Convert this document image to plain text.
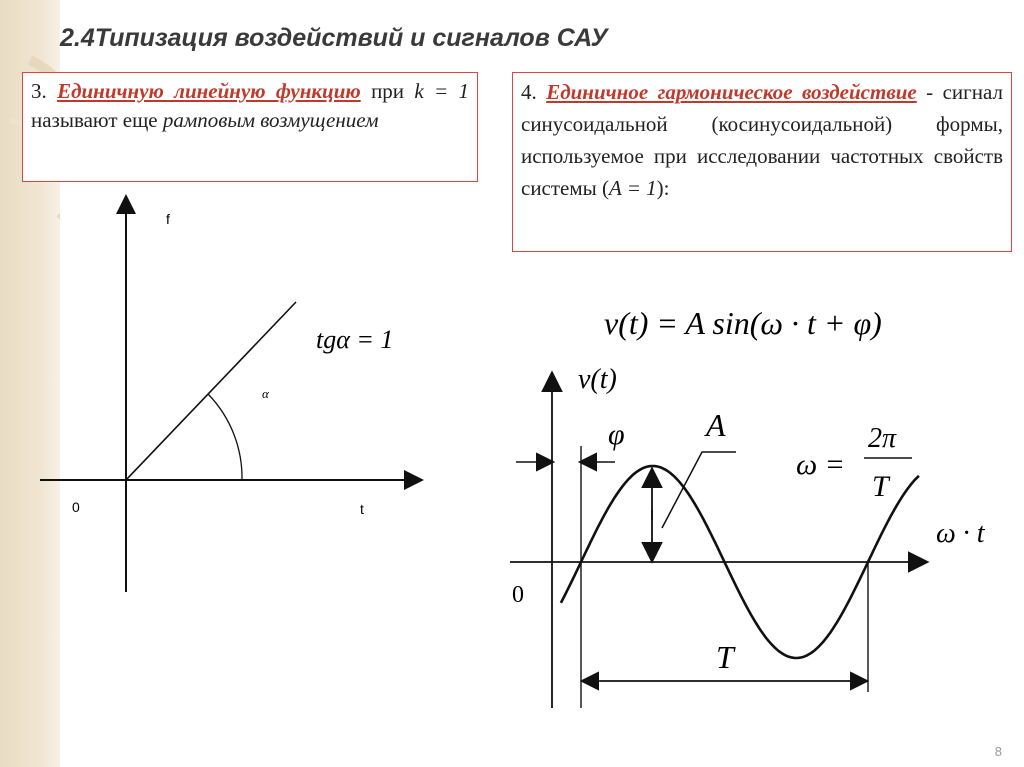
2.4Типизация воздействий и сигналов САУ
3. Единичную линейную функцию при k = 1 называют еще рамповым возмущением
4. Единичное гармоническое воздействие - сигнал синусоидальной (косинусоидальной) формы, используемое при исследовании частотных свойств системы (A = 1):
f
t
0
α
tgα = 1	v(t) = A sin(ω · t + φ)
v(t)
ω · t
0
φ	A
T
ω =
2π
T
8
